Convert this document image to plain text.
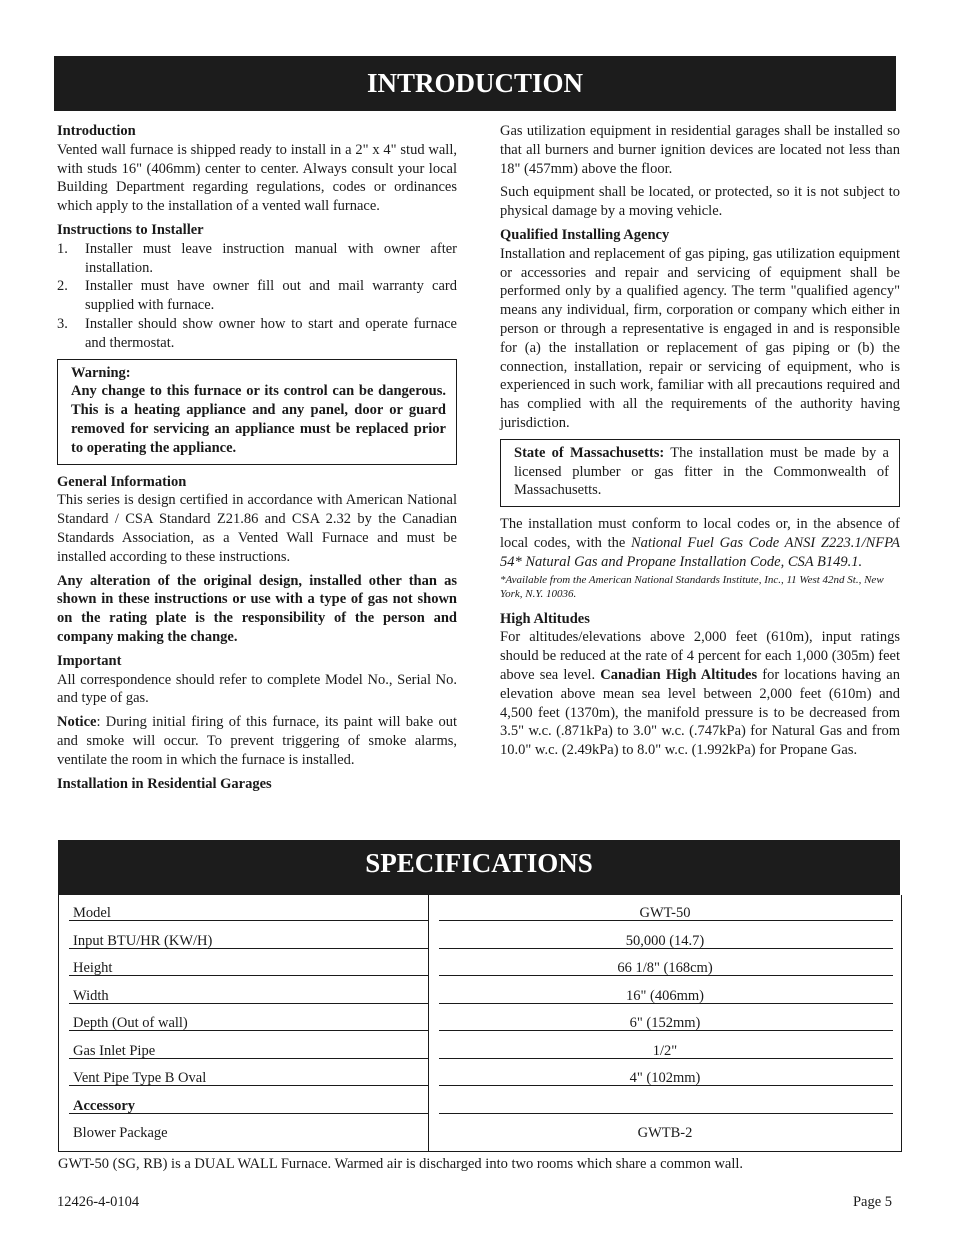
INTRODUCTION

Introduction

Vented wall furnace is shipped ready to install in a 2" x 4" stud wall, with studs 16" (406mm) center to center. Always consult your local Building Department regarding regulations, codes or ordinances which apply to the installation of a vented wall furnace.

Instructions to Installer

1. Installer must leave instruction manual with owner after installation.
2. Installer must have owner fill out and mail warranty card supplied with furnace.
3. Installer should show owner how to start and operate furnace and thermostat.

Warning:

Any change to this furnace or its control can be dangerous. This is a heating appliance and any panel, door or guard removed for servicing an appliance must be replaced prior to operating the appliance.

General Information

This series is design certified in accordance with American National Standard / CSA Standard Z21.86 and CSA 2.32 by the Canadian Standards Association, as a Vented Wall Furnace and must be installed according to these instructions.

Any alteration of the original design, installed other than as shown in these instructions or use with a type of gas not shown on the rating plate is the responsibility of the person and company making the change.

Important

All correspondence should refer to complete Model No., Serial No. and type of gas.

Notice: During initial firing of this furnace, its paint will bake out and smoke will occur. To prevent triggering of smoke alarms, ventilate the room in which the furnace is installed.

Installation in Residential Garages

Gas utilization equipment in residential garages shall be installed so that all burners and burner ignition devices are located not less than 18" (457mm) above the floor.

Such equipment shall be located, or protected, so it is not subject to physical damage by a moving vehicle.

Qualified Installing Agency

Installation and replacement of gas piping, gas utilization equipment or accessories and repair and servicing of equipment shall be performed only by a qualified agency. The term "qualified agency" means any individual, firm, corporation or company which either in person or through a representative is engaged in and is responsible for (a) the installation or replacement of gas piping or (b) the connection, installation, repair or servicing of equipment, who is experienced in such work, familiar with all precautions required and has complied with all the requirements of the authority having jurisdiction.

State of Massachusetts: The installation must be made by a licensed plumber or gas fitter in the Commonwealth of Massachusetts.

The installation must conform to local codes or, in the absence of local codes, with the National Fuel Gas Code ANSI Z223.1/NFPA 54* Natural Gas and Propane Installation Code, CSA B149.1.

*Available from the American National Standards Institute, Inc., 11 West 42nd St., New York, N.Y. 10036.

High Altitudes

For altitudes/elevations above 2,000 feet (610m), input ratings should be reduced at the rate of 4 percent for each 1,000 (305m) feet above sea level. Canadian High Altitudes for locations having an elevation above mean sea level between 2,000 feet (610m) and 4,500 feet (1370m), the manifold pressure is to be decreased from 3.5" w.c. (.871kPa) to 3.0" w.c. (.747kPa) for Natural Gas and from 10.0" w.c. (2.49kPa) to 8.0" w.c. (1.992kPa) for Propane Gas.

SPECIFICATIONS
Model	GWT-50
Input BTU/HR (KW/H)	50,000 (14.7)
Height	66 1/8" (168cm)
Width	16" (406mm)
Depth (Out of wall)	6" (152mm)
Gas Inlet Pipe	1/2"
Vent Pipe Type B Oval	4" (102mm)
Accessory
Blower Package	GWTB-2
GWT-50 (SG, RB) is a DUAL WALL Furnace. Warmed air is discharged into two rooms which share a common wall.
12426-4-0104	Page 5
